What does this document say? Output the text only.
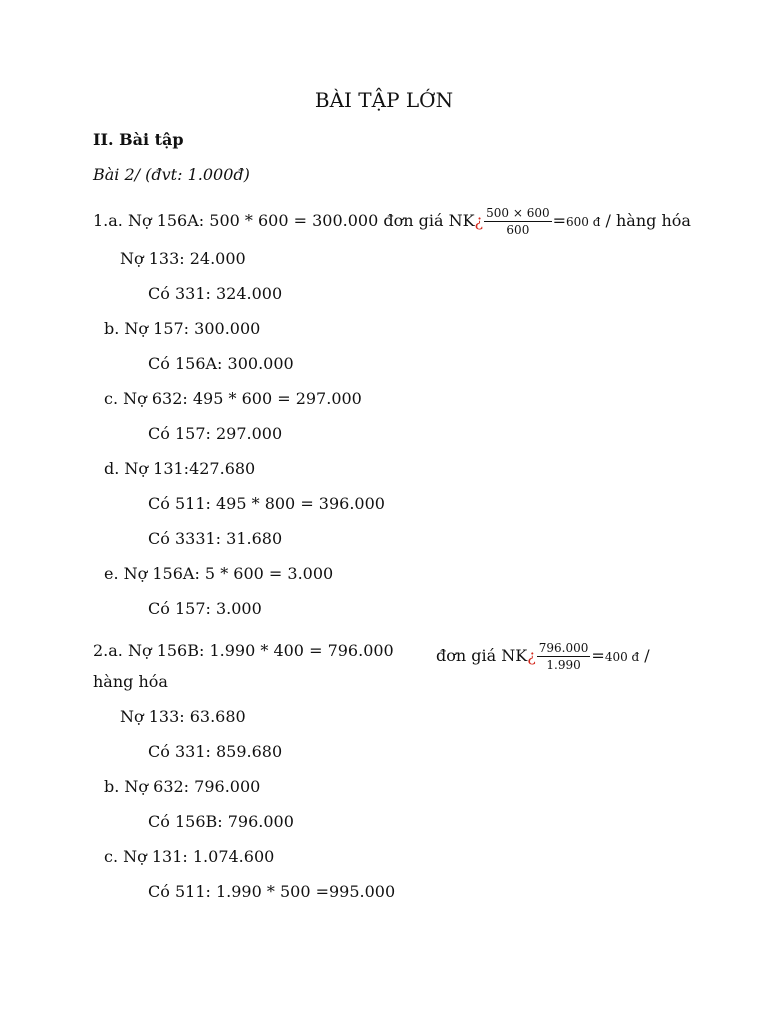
BÀI TẬP LỚN
II. Bài tập
Bài 2/ (đvt: 1.000đ)
1.a. Nợ 156A: 500 * 600 = 300.000 đơn giá NK¿ $\frac{500 \times 600}{600} =600$ đ / hàng hóa
Nợ 133: 24.000
Có 331: 324.000
b. Nợ 157: 300.000
Có 156A: 300.000
c. Nợ 632: 495 * 600 = 297.000
Có 157: 297.000
d. Nợ 131:427.680
Có 511: 495 * 800 = 396.000
Có 3331: 31.680
e. Nợ 156A: 5 * 600 = 3.000
Có 157: 3.000
2.a. Nợ 156B: 1.990 * 400 = 796.000	đơn giá NK¿ $\frac{796.000}{1.990} =400$ đ /
hàng hóa
Nợ 133: 63.680
Có 331: 859.680
b. Nợ 632: 796.000
Có 156B: 796.000
c. Nợ 131: 1.074.600
Có 511: 1.990 * 500 =995.000
